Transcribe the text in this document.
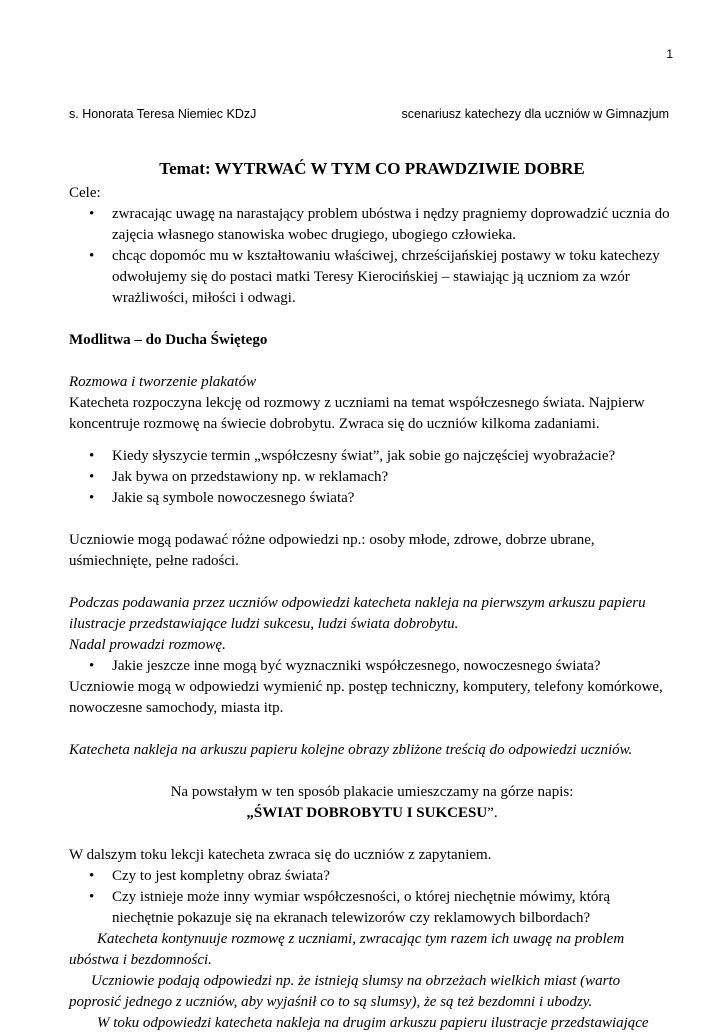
1
s. Honorata Teresa Niemiec KDzJ	scenariusz katechezy dla uczniów w Gimnazjum

Temat: WYTRWAĆ W TYM CO PRAWDZIWIE DOBRE

Cele:

• zwracając uwagę na narastający problem ubóstwa i nędzy pragniemy doprowadzić ucznia do zajęcia własnego stanowiska wobec drugiego, ubogiego człowieka.
• chcąc dopomóc mu w kształtowaniu właściwej, chrześcijańskiej postawy w toku katechezy odwołujemy się do postaci matki Teresy Kierocińskiej – stawiając ją uczniom za wzór wrażliwości, miłości i odwagi.

Modlitwa – do Ducha Świętego

Rozmowa i tworzenie plakatów

Katecheta rozpoczyna lekcję od rozmowy z uczniami na temat współczesnego świata. Najpierw koncentruje rozmowę na świecie dobrobytu. Zwraca się do uczniów kilkoma zadaniami.

• Kiedy słyszycie termin „współczesny świat”, jak sobie go najczęściej wyobrażacie?
• Jak bywa on przedstawiony np. w reklamach?
• Jakie są symbole nowoczesnego świata?

Uczniowie mogą podawać różne odpowiedzi np.: osoby młode, zdrowe, dobrze ubrane, uśmiechnięte, pełne radości.

Podczas podawania przez uczniów odpowiedzi katecheta nakleja na pierwszym arkuszu papieru ilustracje przedstawiające ludzi sukcesu, ludzi świata dobrobytu.

Nadal prowadzi rozmowę.

• Jakie jeszcze inne mogą być wyznaczniki współczesnego, nowoczesnego świata?

Uczniowie mogą w odpowiedzi wymienić np. postęp techniczny, komputery, telefony komórkowe, nowoczesne samochody, miasta itp.

Katecheta nakleja na arkuszu papieru kolejne obrazy zbliżone treścią do odpowiedzi uczniów.

Na powstałym w ten sposób plakacie umieszczamy na górze napis:

„ŚWIAT DOBROBYTU I SUKCESU”.

W dalszym toku lekcji katecheta zwraca się do uczniów z zapytaniem.

• Czy to jest kompletny obraz świata?
• Czy istnieje może inny wymiar współczesności, o której niechętnie mówimy, którą niechętnie pokazuje się na ekranach telewizorów czy reklamowych bilbordach?

Katecheta kontynuuje rozmowę z uczniami, zwracając tym razem ich uwagę na problem ubóstwa i bezdomności.

Uczniowie podają odpowiedzi np. że istnieją slumsy na obrzeżach wielkich miast (warto poprosić jednego z uczniów, aby wyjaśnił co to są slumsy), że są też bezdomni i ubodzy.

W toku odpowiedzi katecheta nakleja na drugim arkuszu papieru ilustracje przedstawiające
